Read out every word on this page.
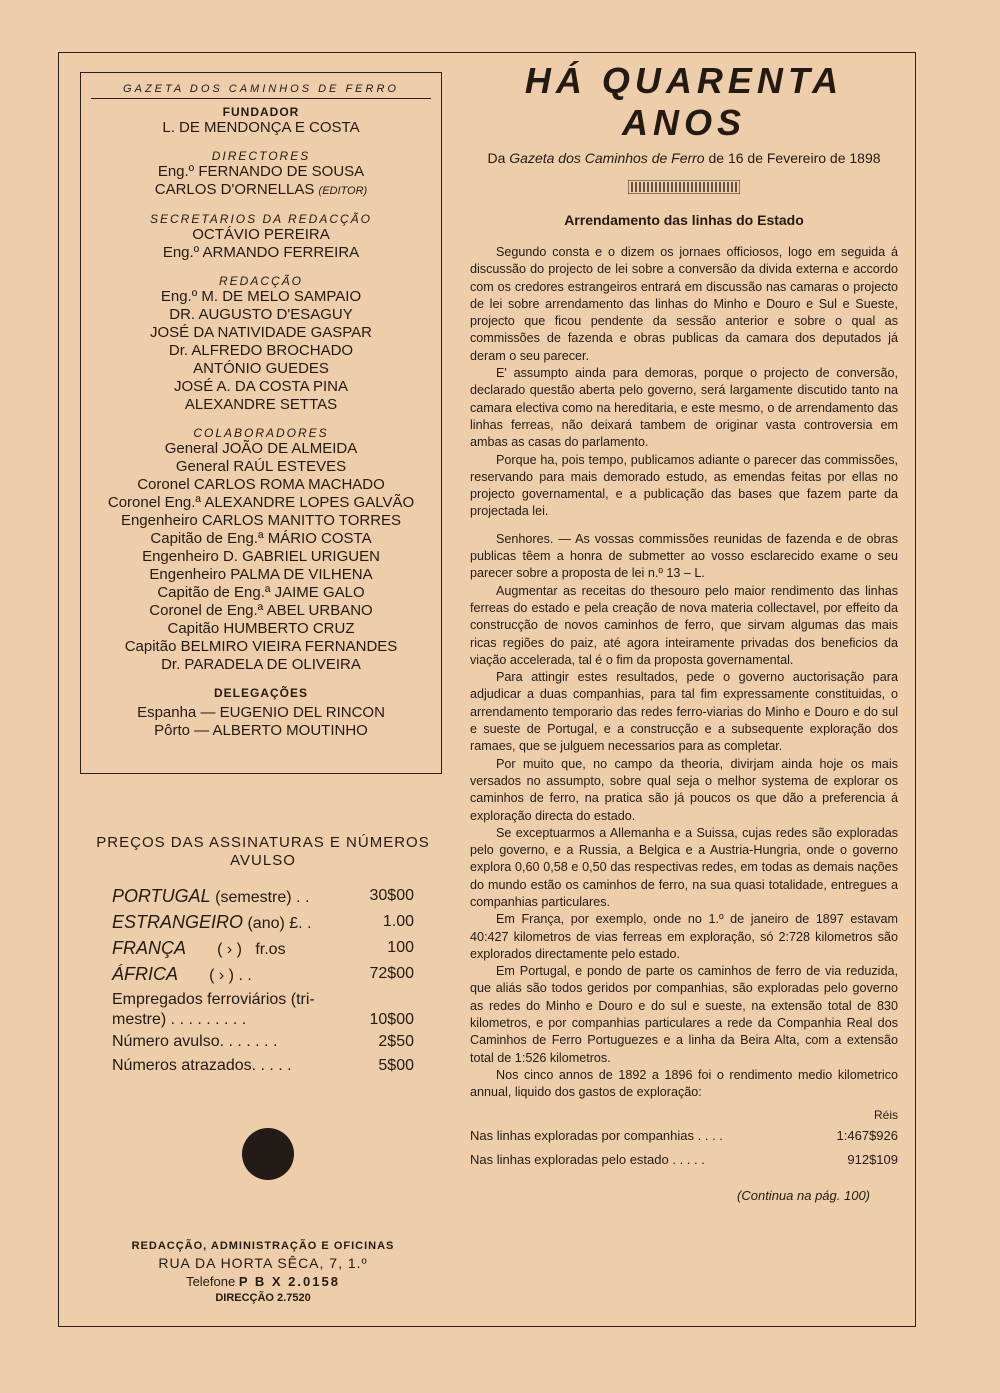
GAZETA DOS CAMINHOS DE FERRO
FUNDADOR
L. DE MENDONÇA E COSTA
DIRECTORES
Eng.º FERNANDO DE SOUSA
CARLOS D'ORNELLAS (EDITOR)
SECRETARIOS DA REDACÇÃO
OCTÁVIO PEREIRA
Eng.º ARMANDO FERREIRA
REDACÇÃO
Eng.º M. DE MELO SAMPAIO
DR. AUGUSTO D'ESAGUY
JOSÉ DA NATIVIDADE GASPAR
Dr. ALFREDO BROCHADO
ANTÓNIO GUEDES
JOSÉ A. DA COSTA PINA
ALEXANDRE SETTAS
COLABORADORES
General JOÃO DE ALMEIDA
General RAÚL ESTEVES
Coronel CARLOS ROMA MACHADO
Coronel Eng.ª ALEXANDRE LOPES GALVÃO
Engenheiro CARLOS MANITTO TORRES
Capitão de Eng.ª MÁRIO COSTA
Engenheiro D. GABRIEL URIGUEN
Engenheiro PALMA DE VILHENA
Capitão de Eng.ª JAIME GALO
Coronel de Eng.ª ABEL URBANO
Capitão HUMBERTO CRUZ
Capitão BELMIRO VIEIRA FERNANDES
Dr. PARADELA DE OLIVEIRA
DELEGAÇÕES
Espanha — EUGENIO DEL RINCON
Pôrto — ALBERTO MOUTINHO
PREÇOS DAS ASSINATURAS E NÚMEROS AVULSO
PORTUGAL (semestre) . .	30$00
ESTRANGEIRO (ano) £. .	1.00
FRANÇA       ( › )   fr.os	100
ÁFRICA       ( › ) . .	72$00
Empregados ferroviários (tri-
mestre) . . . . . . . . .	10$00
Número avulso. . . . . . .	2$50
Números atrazados. . . . .	5$00
REDACÇÃO, ADMINISTRAÇÃO E OFICINAS
RUA DA HORTA SÊCA, 7, 1.º
Telefone P B X 2.0158
DIRECÇÃO 2.7520
HÁ QUARENTA ANOS
Da Gazeta dos Caminhos de Ferro de 16 de Fevereiro de 1898
Arrendamento das linhas do Estado

Segundo consta e o dizem os jornaes officiosos, logo em seguida á discussão do projecto de lei sobre a conversão da divida externa e accordo com os credores estrangeiros entrará em discussão nas camaras o projecto de lei sobre arrendamento das linhas do Minho e Douro e Sul e Sueste, projecto que ficou pendente da sessão anterior e sobre o qual as commissões de fazenda e obras publicas da camara dos deputados já deram o seu parecer.

E' assumpto ainda para demoras, porque o projecto de conversão, declarado questão aberta pelo governo, será largamente discutido tanto na camara electiva como na hereditaria, e este mesmo, o de arrendamento das linhas ferreas, não deixará tambem de originar vasta controversia em ambas as casas do parlamento.

Porque ha, pois tempo, publicamos adiante o parecer das commissões, reservando para mais demorado estudo, as emendas feitas por ellas no projecto governamental, e a publicação das bases que fazem parte da projectada lei.

Senhores. — As vossas commissões reunidas de fazenda e de obras publicas têem a honra de submetter ao vosso esclarecido exame o seu parecer sobre a proposta de lei n.º 13 – L.

Augmentar as receitas do thesouro pelo maior rendimento das linhas ferreas do estado e pela creação de nova materia collectavel, por effeito da construcção de novos caminhos de ferro, que sirvam algumas das mais ricas regiões do paiz, até agora inteiramente privadas dos beneficios da viação accelerada, tal é o fim da proposta governamental.

Para attingir estes resultados, pede o governo auctorisação para adjudicar a duas companhias, para tal fim expressamente constituidas, o arrendamento temporario das redes ferro-viarias do Minho e Douro e do sul e sueste de Portugal, e a construcção e a subsequente exploração dos ramaes, que se julguem necessarios para as completar.

Por muito que, no campo da theoria, divirjam ainda hoje os mais versados no assumpto, sobre qual seja o melhor systema de explorar os caminhos de ferro, na pratica são já poucos os que dão a preferencia á exploração directa do estado.

Se exceptuarmos a Allemanha e a Suissa, cujas redes são exploradas pelo governo, e a Russia, a Belgica e a Austria-Hungria, onde o governo explora 0,60 0,58 e 0,50 das respectivas redes, em todas as demais nações do mundo estão os caminhos de ferro, na sua quasi totalidade, entregues a companhias particulares.

Em França, por exemplo, onde no 1.º de janeiro de 1897 estavam 40:427 kilometros de vias ferreas em exploração, só 2:728 kilometros são explorados directamente pelo estado.

Em Portugal, e pondo de parte os caminhos de ferro de via reduzida, que aliás são todos geridos por companhias, são exploradas pelo governo as redes do Minho e Douro e do sul e sueste, na extensão total de 830 kilometros, e por companhias particulares a rede da Companhia Real dos Caminhos de Ferro Portuguezes e a linha da Beira Alta, com a extensão total de 1:526 kilometros.

Nos cinco annos de 1892 a 1896 foi o rendimento medio kilometrico annual, liquido dos gastos de exploração:

Réis
Nas linhas exploradas por companhias . . . .	1:467$926
Nas linhas exploradas pelo estado . . . . .	912$109
(Continua na pág. 100)
